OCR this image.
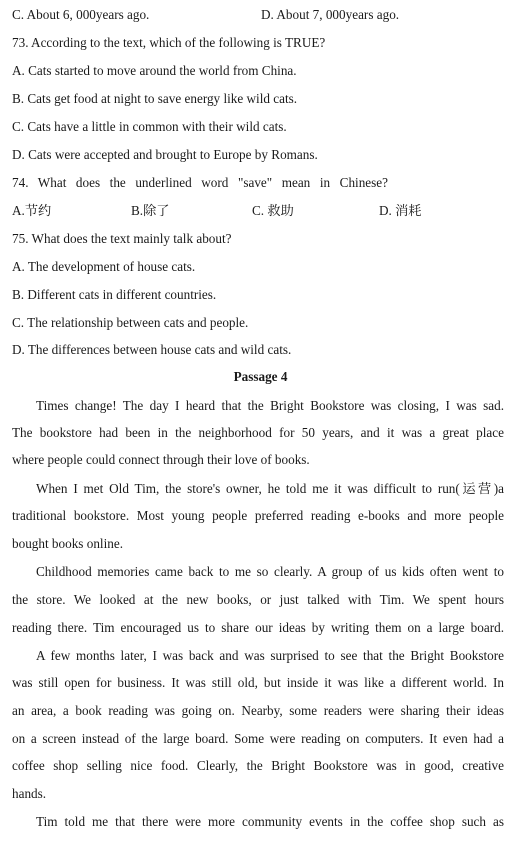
C. About 6, 000years ago.	D. About 7, 000years ago.
73. According to the text, which of the following is TRUE?
A. Cats started to move around the world from China.
B. Cats get food at night to save energy like wild cats.
C. Cats have a little in common with their wild cats.
D. Cats were accepted and brought to Europe by Romans.
74. What does the underlined word "save" mean in Chinese?
A.节约	B.除了	C. 救助	D. 消耗
75. What does the text mainly talk about?
A. The development of house cats.
B. Different cats in different countries.
C. The relationship between cats and people.
D. The differences between house cats and wild cats.
Passage 4
Times change! The day I heard that the Bright Bookstore was closing, I was sad.
The bookstore had been in the neighborhood for 50 years, and it was a great place
where people could connect through their love of books.
When I met Old Tim, the store's owner, he told me it was difficult to run(运营)a
traditional bookstore. Most young people preferred reading e-books and more people
bought books online.
Childhood memories came back to me so clearly. A group of us kids often went to
the store. We looked at the new books, or just talked with Tim. We spent hours
reading there. Tim encouraged us to share our ideas by writing them on a large board.
A few months later, I was back and was surprised to see that the Bright Bookstore
was still open for business. It was still old, but inside it was like a different world. In
an area, a book reading was going on. Nearby, some readers were sharing their ideas
on a screen instead of the large board. Some were reading on computers. It even had a
coffee shop selling nice food. Clearly, the Bright Bookstore was in good, creative
hands.
Tim told me that there were more community events in the coffee shop such as
